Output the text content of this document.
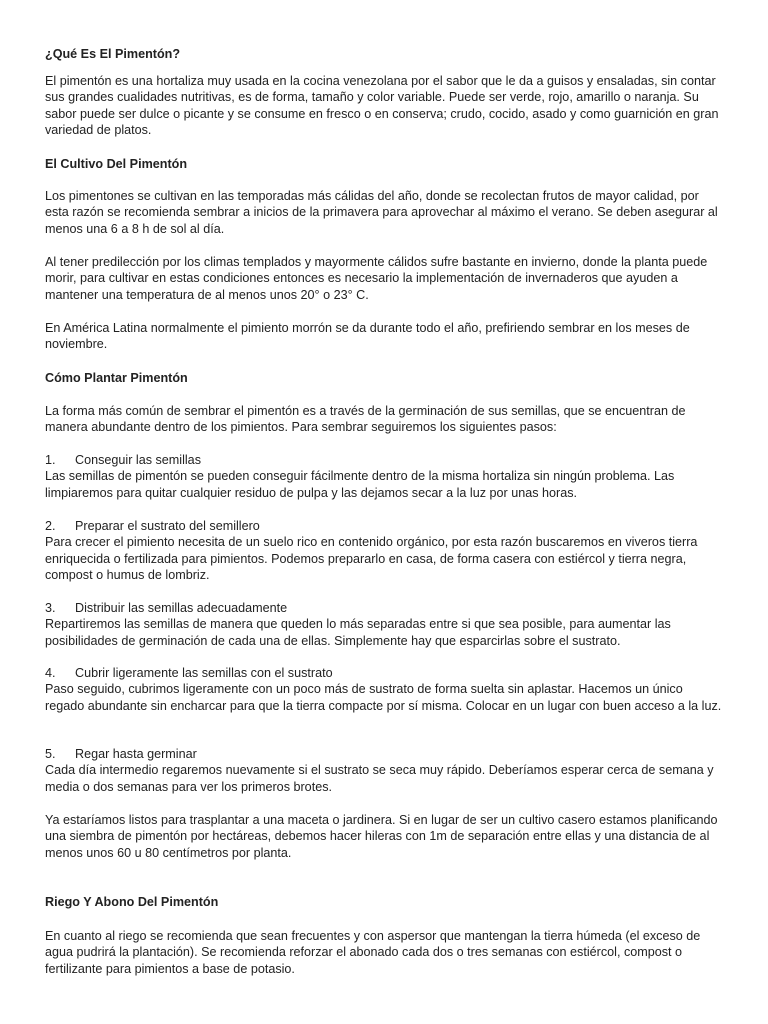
¿Qué Es El Pimentón?

El pimentón es una hortaliza muy usada en la cocina venezolana por el sabor que le da a guisos y ensaladas, sin contar sus grandes cualidades nutritivas, es de forma, tamaño y color variable. Puede ser verde, rojo, amarillo o naranja. Su sabor puede ser dulce o picante y se consume en fresco o en conserva; crudo, cocido, asado y como guarnición en gran variedad de platos.

El Cultivo Del Pimentón

Los pimentones se cultivan en las temporadas más cálidas del año, donde se recolectan frutos de mayor calidad, por esta razón se recomienda sembrar a inicios de la primavera para aprovechar al máximo el verano. Se deben asegurar al menos una 6 a 8 h de sol al día.

Al tener predilección por los climas templados y mayormente cálidos sufre bastante en invierno, donde la planta puede morir, para cultivar en estas condiciones entonces es necesario la implementación de invernaderos que ayuden a mantener una temperatura de al menos unos 20° o 23° C.

En América Latina normalmente el pimiento morrón se da durante todo el año, prefiriendo sembrar en los meses de noviembre.

Cómo Plantar Pimentón

La forma más común de sembrar el pimentón es a través de la germinación de sus semillas, que se encuentran de manera abundante dentro de los pimientos. Para sembrar seguiremos los siguientes pasos:

1. Conseguir las semillas
Las semillas de pimentón se pueden conseguir fácilmente dentro de la misma hortaliza sin ningún problema. Las limpiaremos para quitar cualquier residuo de pulpa y las dejamos secar a la luz por unas horas.
2. Preparar el sustrato del semillero
Para crecer el pimiento necesita de un suelo rico en contenido orgánico, por esta razón buscaremos en viveros tierra enriquecida o fertilizada para pimientos. Podemos prepararlo en casa, de forma casera con estiércol y tierra negra, compost o humus de lombriz.
3. Distribuir las semillas adecuadamente
Repartiremos las semillas de manera que queden lo más separadas entre si que sea posible, para aumentar las posibilidades de germinación de cada una de ellas. Simplemente hay que esparcirlas sobre el sustrato.
4. Cubrir ligeramente las semillas con el sustrato
Paso seguido, cubrimos ligeramente con un poco más de sustrato de forma suelta sin aplastar. Hacemos un único regado abundante sin encharcar para que la tierra compacte por sí misma. Colocar en un lugar con buen acceso a la luz.
5. Regar hasta germinar
Cada día intermedio regaremos nuevamente si el sustrato se seca muy rápido. Deberíamos esperar cerca de semana y media o dos semanas para ver los primeros brotes.

Ya estaríamos listos para trasplantar a una maceta o jardinera. Si en lugar de ser un cultivo casero estamos planificando una siembra de pimentón por hectáreas, debemos hacer hileras con 1m de separación entre ellas y una distancia de al menos unos 60 u 80 centímetros por planta.

Riego Y Abono Del Pimentón

En cuanto al riego se recomienda que sean frecuentes y con aspersor que mantengan la tierra húmeda (el exceso de agua pudrirá la plantación). Se recomienda reforzar el abonado cada dos o tres semanas con estiércol, compost o fertilizante para pimientos a base de potasio.
